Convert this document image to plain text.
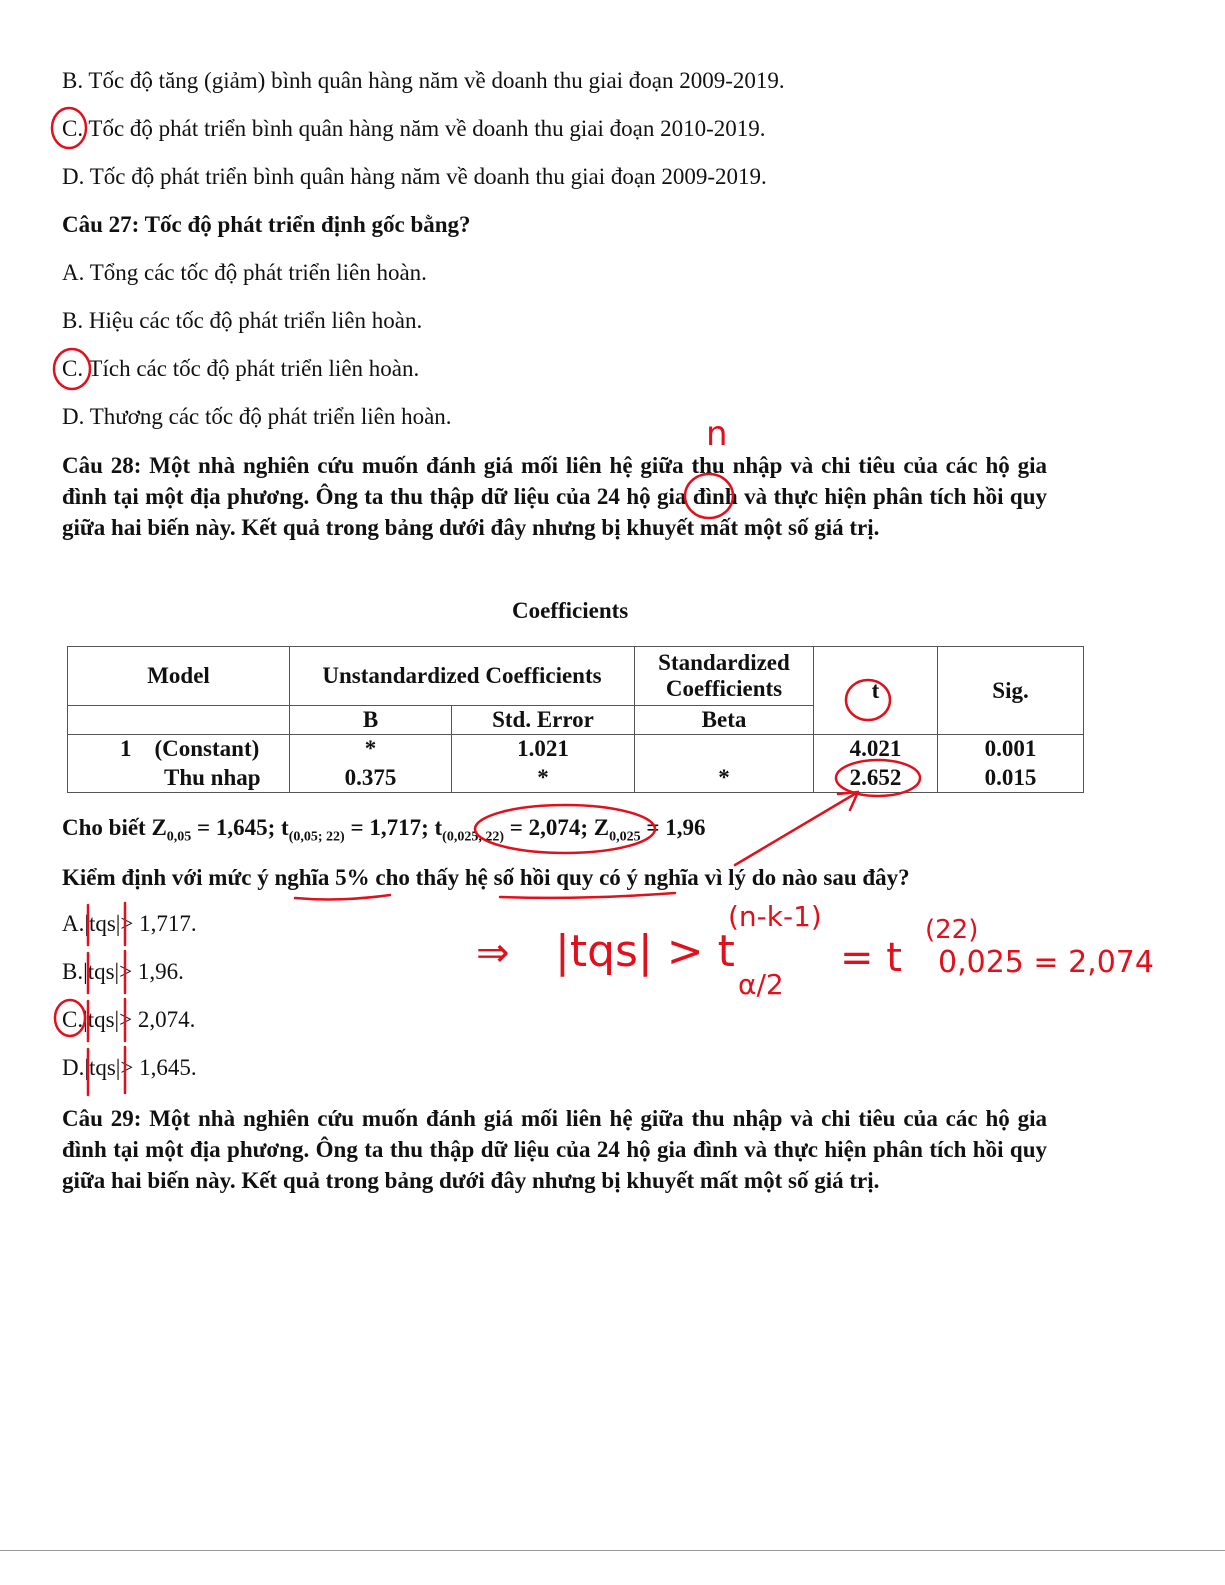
B. Tốc độ tăng (giảm) bình quân hàng năm về doanh thu giai đoạn 2009-2019.
C. Tốc độ phát triển bình quân hàng năm về doanh thu giai đoạn 2010-2019.
D. Tốc độ phát triển bình quân hàng năm về doanh thu giai đoạn 2009-2019.
Câu 27: Tốc độ phát triển định gốc bằng?
A. Tổng các tốc độ phát triển liên hoàn.
B. Hiệu các tốc độ phát triển liên hoàn.
C. Tích các tốc độ phát triển liên hoàn.
D. Thương các tốc độ phát triển liên hoàn.
Câu 28: Một nhà nghiên cứu muốn đánh giá mối liên hệ giữa thu nhập và chi tiêu của các hộ gia đình tại một địa phương. Ông ta thu thập dữ liệu của 24 hộ gia đình và thực hiện phân tích hồi quy giữa hai biến này. Kết quả trong bảng dưới đây nhưng bị khuyết mất một số giá trị.
Coefficients
Model	Unstandardized Coefficients		Standardized Coefficients	t	Sig.
	B	Std. Error	Beta		
1 (Constant)	*	1.021		4.021	0.001
Thu nhap	0.375	*	*	2.652	0.015
Cho biết $Z_{0,05} = 1,645$; $t_{(0,05; 22)} = 1,717$; $t_{(0,025, 22)} = 2,074$; $Z_{0,025} = 1,96$
Kiểm định với mức ý nghĩa 5% cho thấy hệ số hồi quy có ý nghĩa vì lý do nào sau đây?
A.|tqs|> 1,717.
B.|tqs|> 1,96.
C.|tqs|> 2,074.
D.|tqs|> 1,645.
Câu 29: Một nhà nghiên cứu muốn đánh giá mối liên hệ giữa thu nhập và chi tiêu của các hộ gia đình tại một địa phương. Ông ta thu thập dữ liệu của 24 hộ gia đình và thực hiện phân tích hồi quy giữa hai biến này. Kết quả trong bảng dưới đây nhưng bị khuyết mất một số giá trị.
n
⇒ |tqs| > t
(n-k-1)
α/2
= t
(22)
0,025 = 2,074
